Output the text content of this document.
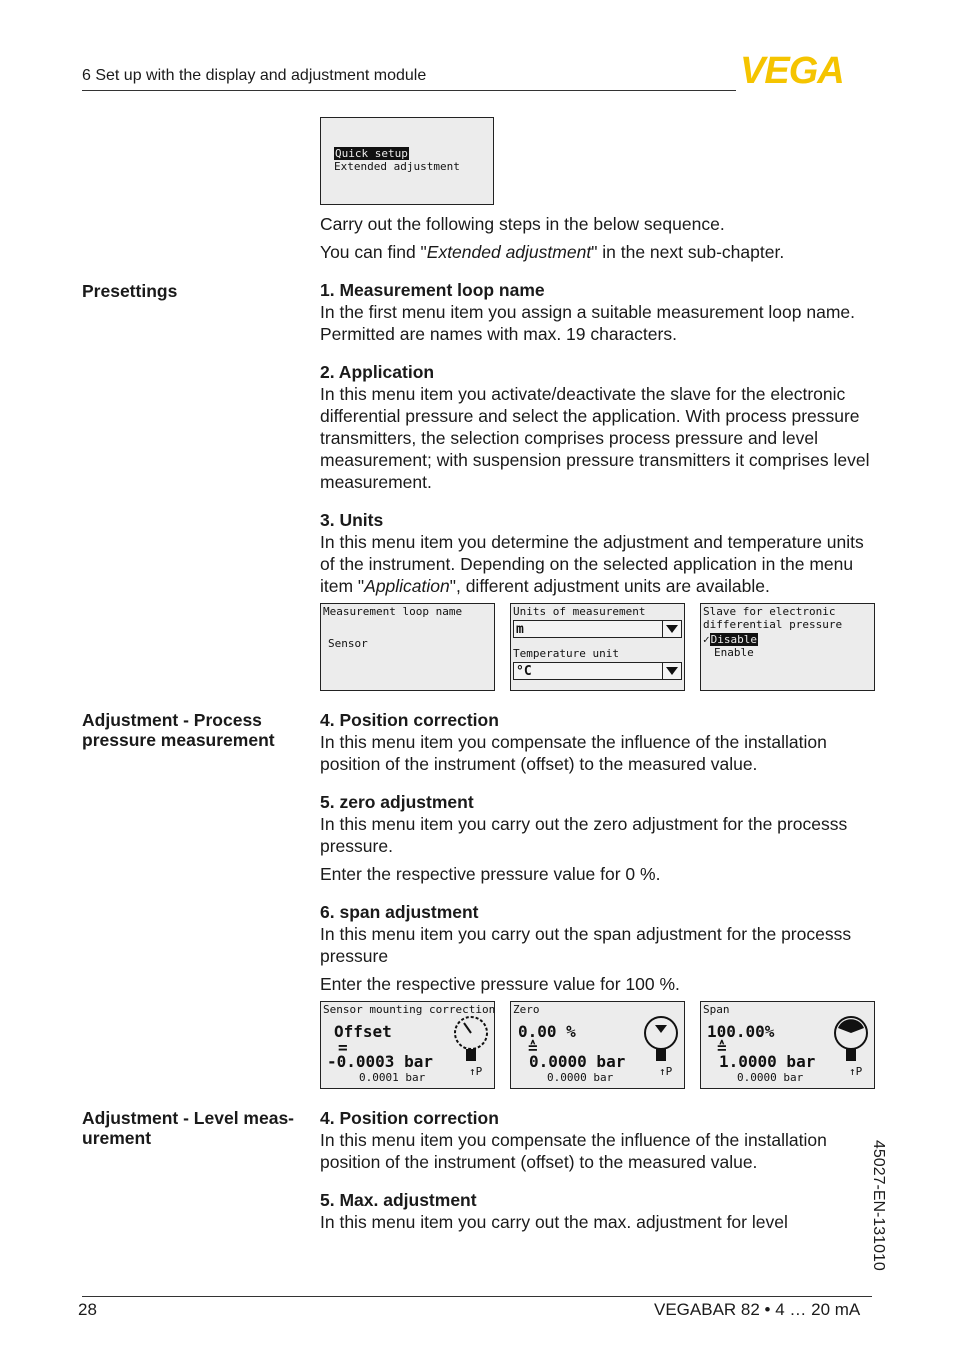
6 Set up with the display and adjustment module	VEGA
Quick setup
Extended adjustment
Carry out the following steps in the below sequence.
You can find "Extended adjustment" in the next sub-chapter.
Presettings	1. Measurement loop name
In the first menu item you assign a suitable measurement loop name. Permitted are names with max. 19 characters.
2. Application
In this menu item you activate/deactivate the slave for the electronic differential pressure and select the application. With process pressure transmitters, the selection comprises process pressure and level measurement; with suspension pressure transmitters it comprises level measurement.
3. Units
In this menu item you determine the adjustment and temperature units of the instrument. Depending on the selected application in the menu item "Application", different adjustment units are available.
Measurement loop name
Sensor
Units of measurement
m
Temperature unit
°C
Slave for electronic
differential pressure
✓Disable
Enable
Adjustment - Process pressure measurement
4. Position correction
In this menu item you compensate the influence of the installation position of the instrument (offset) to the measured value.
5. zero adjustment
In this menu item you carry out the zero adjustment for the processs pressure.
Enter the respective pressure value for 0 %.
6. span adjustment
In this menu item you carry out the span adjustment for the processs pressure
Enter the respective pressure value for 100 %.
Sensor mounting correction
Offset
=
-0.0003 bar
0.0001 bar	↑P
Zero
0.00 %
≙
0.0000 bar
0.0000 bar	↑P
Span
100.00%
≙
1.0000 bar
0.0000 bar	↑P
Adjustment - Level meas- urement
4. Position correction
In this menu item you compensate the influence of the installation position of the instrument (offset) to the measured value.
5. Max. adjustment
In this menu item you carry out the max. adjustment for level	45027-EN-131010
28	VEGABAR 82 • 4 … 20 mA
